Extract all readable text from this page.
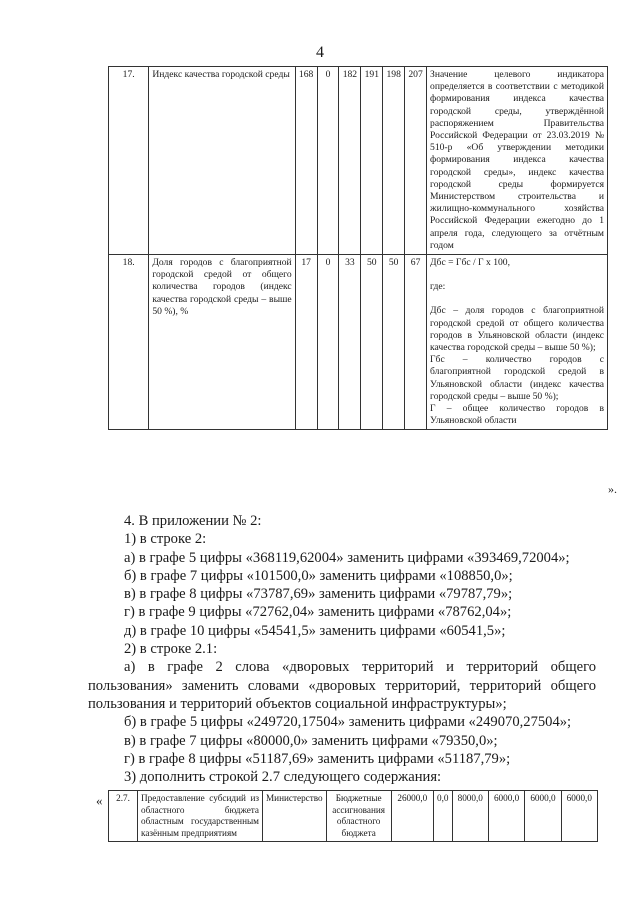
4
17.	Индекс качества городской среды	168	0	182	191	198	207	Значение целевого индикатора определяется в соответствии с методикой формирования индекса качества городской среды, утверждённой распоряжением Правительства Российской Федерации от 23.03.2019 № 510-р «Об утверждении методики формирования индекса качества городской среды», индекс качества городской среды формируется Министерством строительства и жилищно-коммунального хозяйства Российской Федерации ежегодно до 1 апреля года, следующего за отчётным годом
18.	Доля городов с благоприятной городской средой от общего количества городов (индекс качества городской среды – выше 50 %), %	17	0	33	50	50	67	Дбс = Гбс / Г x 100,
где:
Дбс – доля городов с благоприятной городской средой от общего количества городов в Ульяновской области (индекс качества городской среды – выше 50 %);
Гбс – количество городов с благоприятной городской средой в Ульяновской области (индекс качества городской среды – выше 50 %);
Г – общее количество городов в Ульяновской области
».

4. В приложении № 2:

1) в строке 2:

а) в графе 5 цифры «368119,62004» заменить цифрами «393469,72004»;

б) в графе 7 цифры «101500,0» заменить цифрами «108850,0»;

в) в графе 8 цифры «73787,69» заменить цифрами «79787,79»;

г) в графе 9 цифры «72762,04» заменить цифрами «78762,04»;

д) в графе 10 цифры «54541,5» заменить цифрами «60541,5»;

2) в строке 2.1:

а) в графе 2 слова «дворовых территорий и территорий общего пользования» заменить словами «дворовых территорий, территорий общего пользования и территорий объектов социальной инфраструктуры»;

б) в графе 5 цифры «249720,17504» заменить цифрами «249070,27504»;

в) в графе 7 цифры «80000,0» заменить цифрами «79350,0»;

г) в графе 8 цифры «51187,69» заменить цифрами «51187,79»;

3) дополнить строкой 2.7 следующего содержания:

« 2.7.	Предоставление субсидий из областного бюджета областным государственным казённым предприятиям	Министерство	Бюджетные ассигнования областного бюджета	26000,0	0,0	8000,0	6000,0	6000,0	6000,0
